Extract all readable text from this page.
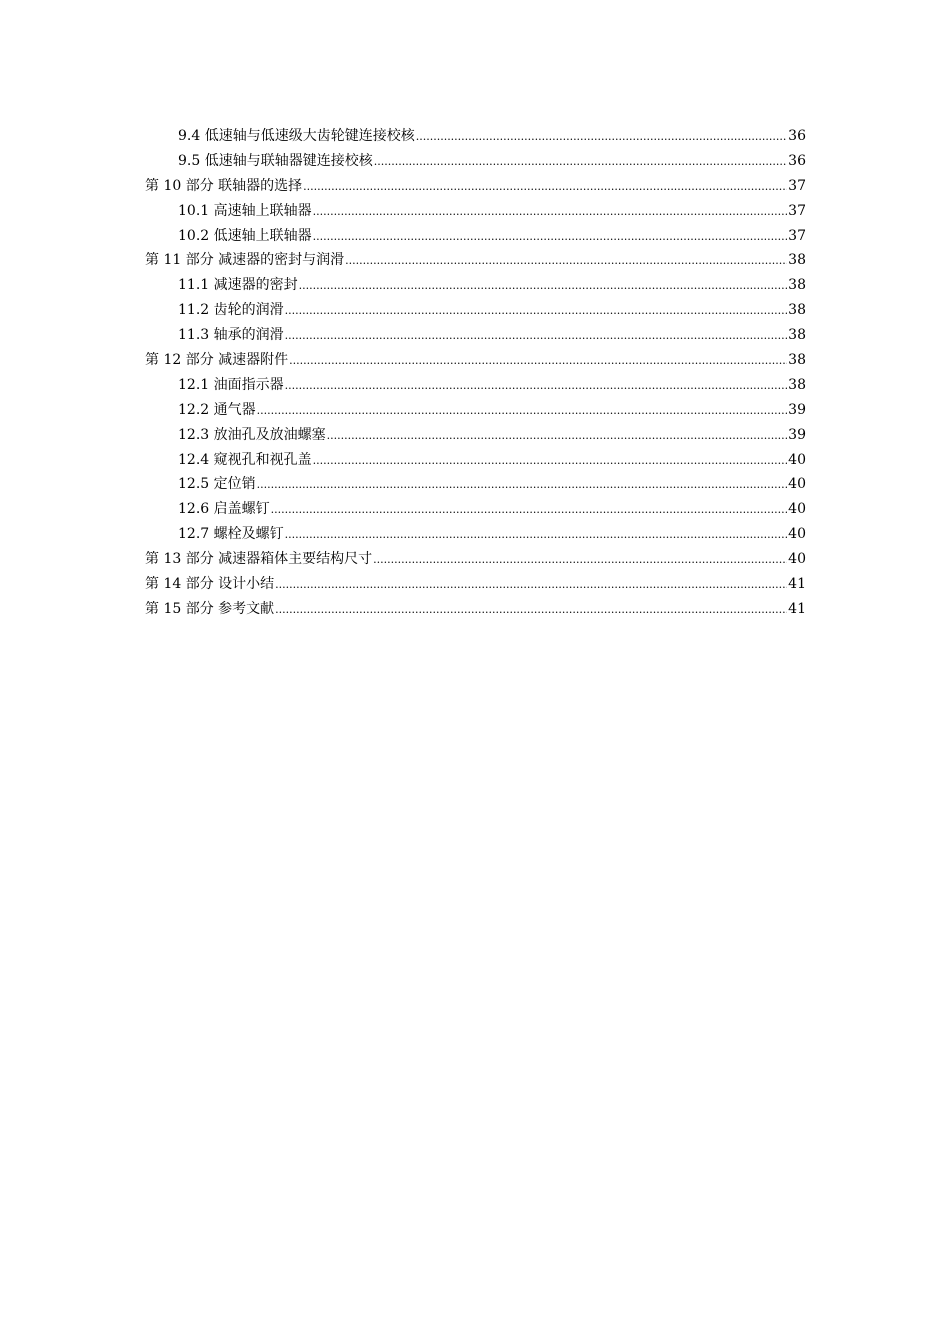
9.4 低速轴与低速级大齿轮键连接校核 .....	36
9.5 低速轴与联轴器键连接校核 .....	36
第 10 部分 联轴器的选择 .....	37
10.1 高速轴上联轴器 .....	37
10.2 低速轴上联轴器 .....	37
第 11 部分 减速器的密封与润滑 .....	38
11.1 减速器的密封 .....	38
11.2 齿轮的润滑 .....	38
11.3 轴承的润滑 .....	38
第 12 部分 减速器附件 .....	38
12.1 油面指示器 .....	38
12.2 通气器 .....	39
12.3 放油孔及放油螺塞 .....	39
12.4 窥视孔和视孔盖 .....	40
12.5 定位销 .....	40
12.6 启盖螺钉 .....	40
12.7 螺栓及螺钉 .....	40
第 13 部分 减速器箱体主要结构尺寸 .....	40
第 14 部分 设计小结 .....	41
第 15 部分 参考文献 .....	41
